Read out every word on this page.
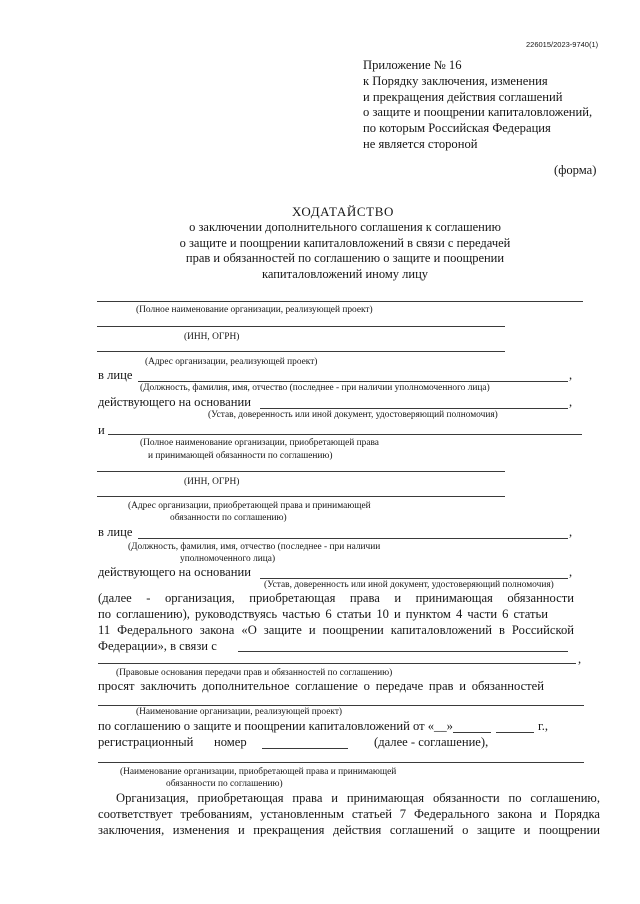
226015/2023-9740(1)
Приложение № 16
к Порядку заключения, изменения
и прекращения действия соглашений
о защите и поощрении капиталовложений,
по которым Российская Федерация
не является стороной
(форма)
ХОДАТАЙСТВО
о заключении дополнительного соглашения к соглашению
о защите и поощрении капиталовложений в связи с передачей
прав и обязанностей по соглашению о защите и поощрении
капиталовложений иному лицу
(Полное наименование организации, реализующей проект)
(ИНН, ОГРН)
(Адрес организации, реализующей проект)
в лице	,
(Должность, фамилия, имя, отчество (последнее - при наличии уполномоченного лица)
действующего на основании	,
(Устав, доверенность или иной документ, удостоверяющий полномочия)
и
(Полное наименование организации, приобретающей права
и принимающей обязанности по соглашению)
(ИНН, ОГРН)
(Адрес организации, приобретающей права и принимающей
обязанности по соглашению)
в лице	,
(Должность, фамилия, имя, отчество (последнее - при наличии
уполномоченного лица)
действующего на основании	,
(Устав, доверенность или иной документ, удостоверяющий полномочия)
(далее - организация, приобретающая права и принимающая обязанности
по соглашению), руководствуясь частью 6 статьи 10 и пунктом 4 части 6 статьи
11 Федерального закона «О защите и поощрении капиталовложений в Российской
Федерации», в связи с
,
(Правовые основания передачи прав и обязанностей по соглашению)
просят заключить дополнительное соглашение о передаче прав и обязанностей
(Наименование организации, реализующей проект)
по соглашению о защите и поощрении капиталовложений от «__»	г.,
регистрационный номер	(далее - соглашение),
(Наименование организации, приобретающей права и принимающей
обязанности по соглашению)
Организация, приобретающая права и принимающая обязанности по соглашению,
соответствует требованиям, установленным статьей 7 Федерального закона и Порядка
заключения, изменения и прекращения действия соглашений о защите и поощрении
